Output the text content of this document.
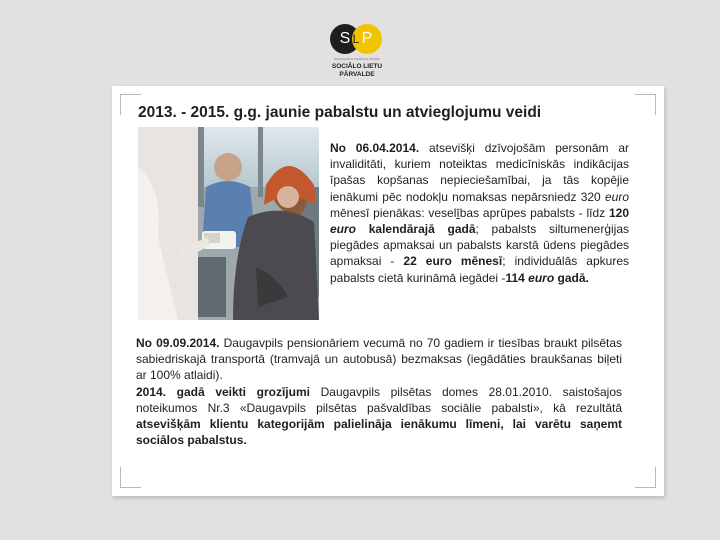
S P
L
DAUGAVPILS PILSĒTAS DOMES
SOCIĀLO LIETU
PĀRVALDE
2013. - 2015. g.g. jaunie pabalstu un atvieglojumu veidi

No 06.04.2014. atsevišķi dzīvojošām personām ar invaliditāti, kuriem noteiktas medicīniskās indikācijas īpašas kopšanas nepieciešamībai, ja tās kopējie ienākumi pēc nodokļu nomaksas nepārsniedz 320 euro mēnesī pienākas: veselības aprūpes pabalsts - līdz 120 euro kalendārajā gadā; pabalsts siltumenerģijas piegādes apmaksai un pabalsts karstā ūdens piegādes apmaksai - 22 euro mēnesī; individuālās apkures pabalsts cietā kurināmā iegādei -114 euro gadā.

No 09.09.2014. Daugavpils pensionāriem vecumā no 70 gadiem ir tiesības braukt pilsētas sabiedriskajā transportā (tramvajā un autobusā) bezmaksas (iegādāties braukšanas biļeti ar 100% atlaidi).

2014. gadā veikti grozījumi Daugavpils pilsētas domes 28.01.2010. saistošajos noteikumos Nr.3 «Daugavpils pilsētas pašvaldības sociālie pabalsti», kā rezultātā atsevišķām klientu kategorijām palielināja ienākumu līmeni, lai varētu saņemt sociālos pabalstus.
